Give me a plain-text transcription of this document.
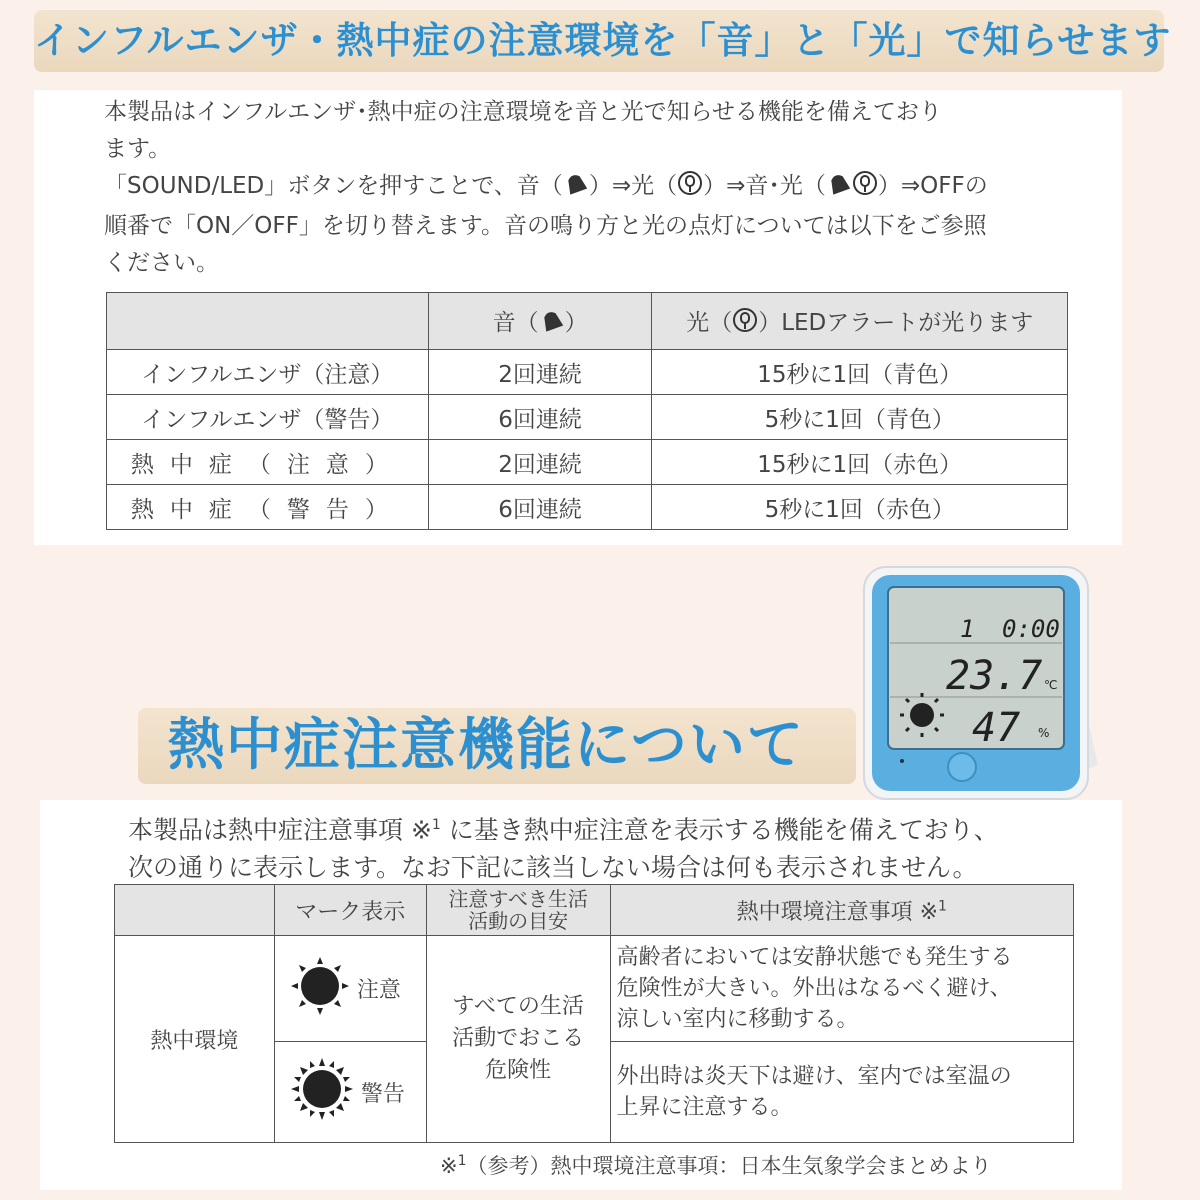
インフルエンザ・熱中症の注意環境を「音」と「光」で知らせます

本製品はインフルエンザ･熱中症の注意環境を音と光で知らせる機能を備えており

ます。

「SOUND/LED」ボタンを押すことで、音（ ）⇒光（ ）⇒音･光（ ）⇒OFFの

順番で「ON／OFF」を切り替えます。音の鳴り方と光の点灯については以下をご参照

ください。

	音（ ）	光（ ）LEDアラートが光ります
インフルエンザ（注意）	2回連続	15秒に1回（青色）
インフルエンザ（警告）	6回連続	5秒に1回（青色）
熱中症（注意）	2回連続	15秒に1回（赤色）
熱中症（警告）	6回連続	5秒に1回（赤色）
1 0:00
23.7 ℃
47 %
熱中症注意機能について

本製品は熱中症注意事項 ※$^1$ に基き熱中症注意を表示する機能を備えており、

次の通りに表示します。なお下記に該当しない場合は何も表示されません。

	マーク表示	注意すべき生活
活動の目安	熱中環境注意事項 ※$^1$
熱中環境	注意	すべての生活
活動でおこる
危険性	高齢者においては安静状態でも発生する
危険性が大きい。外出はなるべく避け、
涼しい室内に移動する。

	警告		外出時は炎天下は避け、室内では室温の
上昇に注意する。
※$^1$（参考）熱中環境注意事項：日本生気象学会まとめより
